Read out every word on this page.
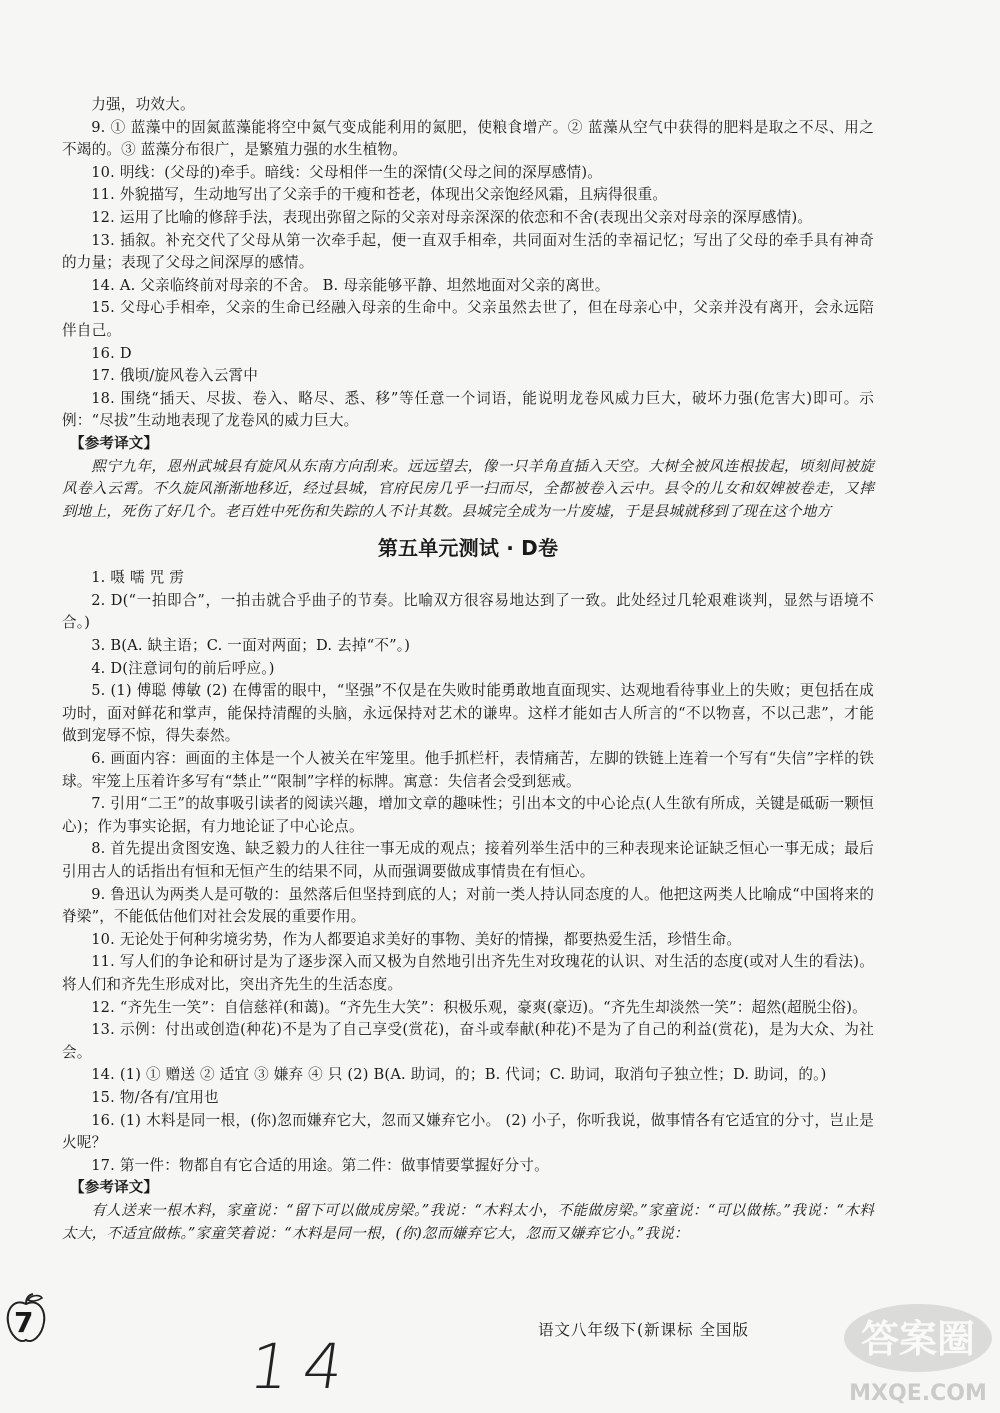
力强，功效大。

9. ① 蓝藻中的固氮蓝藻能将空中氮气变成能利用的氮肥，使粮食增产。② 蓝藻从空气中获得的肥料是取之不尽、用之不竭的。③ 蓝藻分布很广，是繁殖力强的水生植物。

10. 明线：(父母的)牵手。暗线：父母相伴一生的深情(父母之间的深厚感情)。

11. 外貌描写，生动地写出了父亲手的干瘦和苍老，体现出父亲饱经风霜，且病得很重。

12. 运用了比喻的修辞手法，表现出弥留之际的父亲对母亲深深的依恋和不舍(表现出父亲对母亲的深厚感情)。

13. 插叙。补充交代了父母从第一次牵手起，便一直双手相牵，共同面对生活的幸福记忆；写出了父母的牵手具有神奇的力量；表现了父母之间深厚的感情。

14. A. 父亲临终前对母亲的不舍。 B. 母亲能够平静、坦然地面对父亲的离世。

15. 父母心手相牵，父亲的生命已经融入母亲的生命中。父亲虽然去世了，但在母亲心中，父亲并没有离开，会永远陪伴自己。

16. D

17. 俄顷/旋风卷入云霄中

18. 围绕“插天、尽拔、卷入、略尽、悉、移”等任意一个词语，能说明龙卷风威力巨大，破坏力强(危害大)即可。示例：“尽拔”生动地表现了龙卷风的威力巨大。

【参考译文】

熙宁九年，恩州武城县有旋风从东南方向刮来。远远望去，像一只羊角直插入天空。大树全被风连根拔起，顷刻间被旋风卷入云霄。不久旋风渐渐地移近，经过县城，官府民房几乎一扫而尽，全都被卷入云中。县令的儿女和奴婢被卷走，又摔到地上，死伤了好几个。老百姓中死伤和失踪的人不计其数。县城完全成为一片废墟，于是县城就移到了现在这个地方

第五单元测试 · D卷

1. 嗫 嚅 咒 雳

2. D(“一拍即合”，一拍击就合乎曲子的节奏。比喻双方很容易地达到了一致。此处经过几轮艰难谈判，显然与语境不合。)

3. B(A. 缺主语；C. 一面对两面；D. 去掉“不”。)

4. D(注意词句的前后呼应。)

5. (1) 傅聪 傅敏 (2) 在傅雷的眼中，“坚强”不仅是在失败时能勇敢地直面现实、达观地看待事业上的失败；更包括在成功时，面对鲜花和掌声，能保持清醒的头脑，永远保持对艺术的谦卑。这样才能如古人所言的“不以物喜，不以己悲”，才能做到宠辱不惊，得失泰然。

6. 画面内容：画面的主体是一个人被关在牢笼里。他手抓栏杆，表情痛苦，左脚的铁链上连着一个写有“失信”字样的铁球。牢笼上压着许多写有“禁止”“限制”字样的标牌。寓意：失信者会受到惩戒。

7. 引用“二王”的故事吸引读者的阅读兴趣，增加文章的趣味性；引出本文的中心论点(人生欲有所成，关键是砥砺一颗恒心)；作为事实论据，有力地论证了中心论点。

8. 首先提出贪图安逸、缺乏毅力的人往往一事无成的观点；接着列举生活中的三种表现来论证缺乏恒心一事无成；最后引用古人的话指出有恒和无恒产生的结果不同，从而强调要做成事情贵在有恒心。

9. 鲁迅认为两类人是可敬的：虽然落后但坚持到底的人；对前一类人持认同态度的人。他把这两类人比喻成“中国将来的脊梁”，不能低估他们对社会发展的重要作用。

10. 无论处于何种劣境劣势，作为人都要追求美好的事物、美好的情操，都要热爱生活，珍惜生命。

11. 写人们的争论和研讨是为了逐步深入而又极为自然地引出齐先生对玫瑰花的认识、对生活的态度(或对人生的看法)。将人们和齐先生形成对比，突出齐先生的生活态度。

12. “齐先生一笑”：自信慈祥(和蔼)。“齐先生大笑”：积极乐观，豪爽(豪迈)。“齐先生却淡然一笑”：超然(超脱尘俗)。

13. 示例：付出或创造(种花)不是为了自己享受(赏花)，奋斗或奉献(种花)不是为了自己的利益(赏花)，是为大众、为社会。

14. (1) ① 赠送 ② 适宜 ③ 嫌弃 ④ 只 (2) B(A. 助词，的；B. 代词；C. 助词，取消句子独立性；D. 助词，的。)

15. 物/各有/宜用也

16. (1) 木料是同一根，(你)忽而嫌弃它大，忽而又嫌弃它小。 (2) 小子，你听我说，做事情各有它适宜的分寸，岂止是火呢？

17. 第一件：物都自有它合适的用途。第二件：做事情要掌握好分寸。

【参考译文】

有人送来一根木料，家童说：“留下可以做成房梁。”我说：“木料太小，不能做房梁。”家童说：“可以做栋。”我说：“木料太大，不适宜做栋。”家童笑着说：“木料是同一根，(你)忽而嫌弃它大，忽而又嫌弃它小。”我说：

7
14	语文八年级下(新课标 全国版	答案圈
MXQE.COM
